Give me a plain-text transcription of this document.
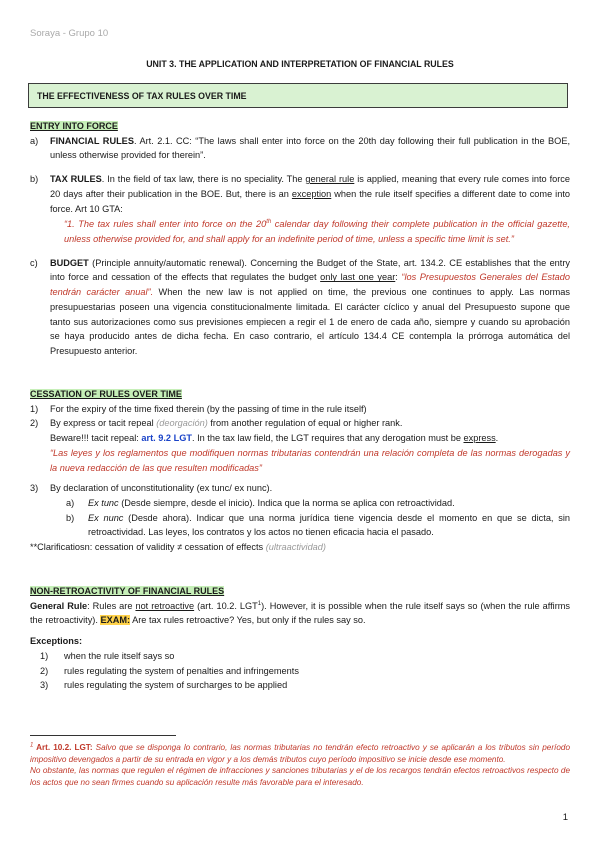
Soraya - Grupo 10
UNIT 3. THE APPLICATION AND INTERPRETATION OF FINANCIAL RULES
THE EFFECTIVENESS OF TAX RULES OVER TIME
ENTRY INTO FORCE
a)	FINANCIAL RULES. Art. 2.1. CC: “The laws shall enter into force on the 20th day following their full publication in the BOE, unless otherwise provided for therein”.
b)	TAX RULES. In the field of tax law, there is no speciality. The general rule is applied, meaning that every rule comes into force 20 days after their publication in the BOE. But, there is an exception when the rule itself specifies a different date to come into force. Art 10 GTA:
“1. The tax rules shall enter into force on the 20th calendar day following their complete publication in the official gazette, unless otherwise provided for, and shall apply for an indefinite period of time, unless a specific time limit is set.”
c)	BUDGET (Principle annuity/automatic renewal). Concerning the Budget of the State, art. 134.2. CE establishes that the entry into force and cessation of the effects that regulates the budget only last one year: “los Presupuestos Generales del Estado tendrán carácter anual”. When the new law is not applied on time, the previous one continues to apply. Las normas presupuestarias poseen una vigencia constitucionalmente limitada. El carácter cíclico y anual del Presupuesto supone que tanto sus autorizaciones como sus previsiones empiecen a regir el 1 de enero de cada año, siempre y cuando su aprobación se haya producido antes de dicha fecha. En caso contrario, el artículo 134.4 CE contempla la prórroga automática del Presupuesto anterior.
CESSATION OF RULES OVER TIME
1)	For the expiry of the time fixed therein (by the passing of time in the rule itself)
2)	By express or tacit repeal (deorgación) from another regulation of equal or higher rank.
Beware!!! tacit repeal: art. 9.2 LGT. In the tax law field, the LGT requires that any derogation must be express.
“Las leyes y los reglamentos que modifiquen normas tributarias contendrán una relación completa de las normas derogadas y la nueva redacción de las que resulten modificadas”
3)	By declaration of unconstitutionality (ex tunc/ ex nunc).
a)	Ex tunc (Desde siempre, desde el inicio). Indica que la norma se aplica con retroactividad.
b)	Ex nunc (Desde ahora). Indicar que una norma jurídica tiene vigencia desde el momento en que se dicta, sin retroactividad. Las leyes, los contratos y los actos no tienen eficacia hacia el pasado.
**Clarificatiosn: cessation of validity ≠ cessation of effects (ultraactividad)
NON-RETROACTIVITY OF FINANCIAL RULES
General Rule: Rules are not retroactive (art. 10.2. LGT$^1$). However, it is possible when the rule itself says so (when the rule affirms the retroactivity). EXAM: Are tax rules retroactive? Yes, but only if the rules say so.
Exceptions:
1)	when the rule itself says so
2)	rules regulating the system of penalties and infringements
3)	rules regulating the system of surcharges to be applied
$^1$ Art. 10.2. LGT: Salvo que se disponga lo contrario, las normas tributarias no tendrán efecto retroactivo y se aplicarán a los tributos sin período impositivo devengados a partir de su entrada en vigor y a los demás tributos cuyo período impositivo se inicie desde ese momento.
No obstante, las normas que regulen el régimen de infracciones y sanciones tributarias y el de los recargos tendrán efectos retroactivos respecto de los actos que no sean firmes cuando su aplicación resulte más favorable para el interesado.
1
